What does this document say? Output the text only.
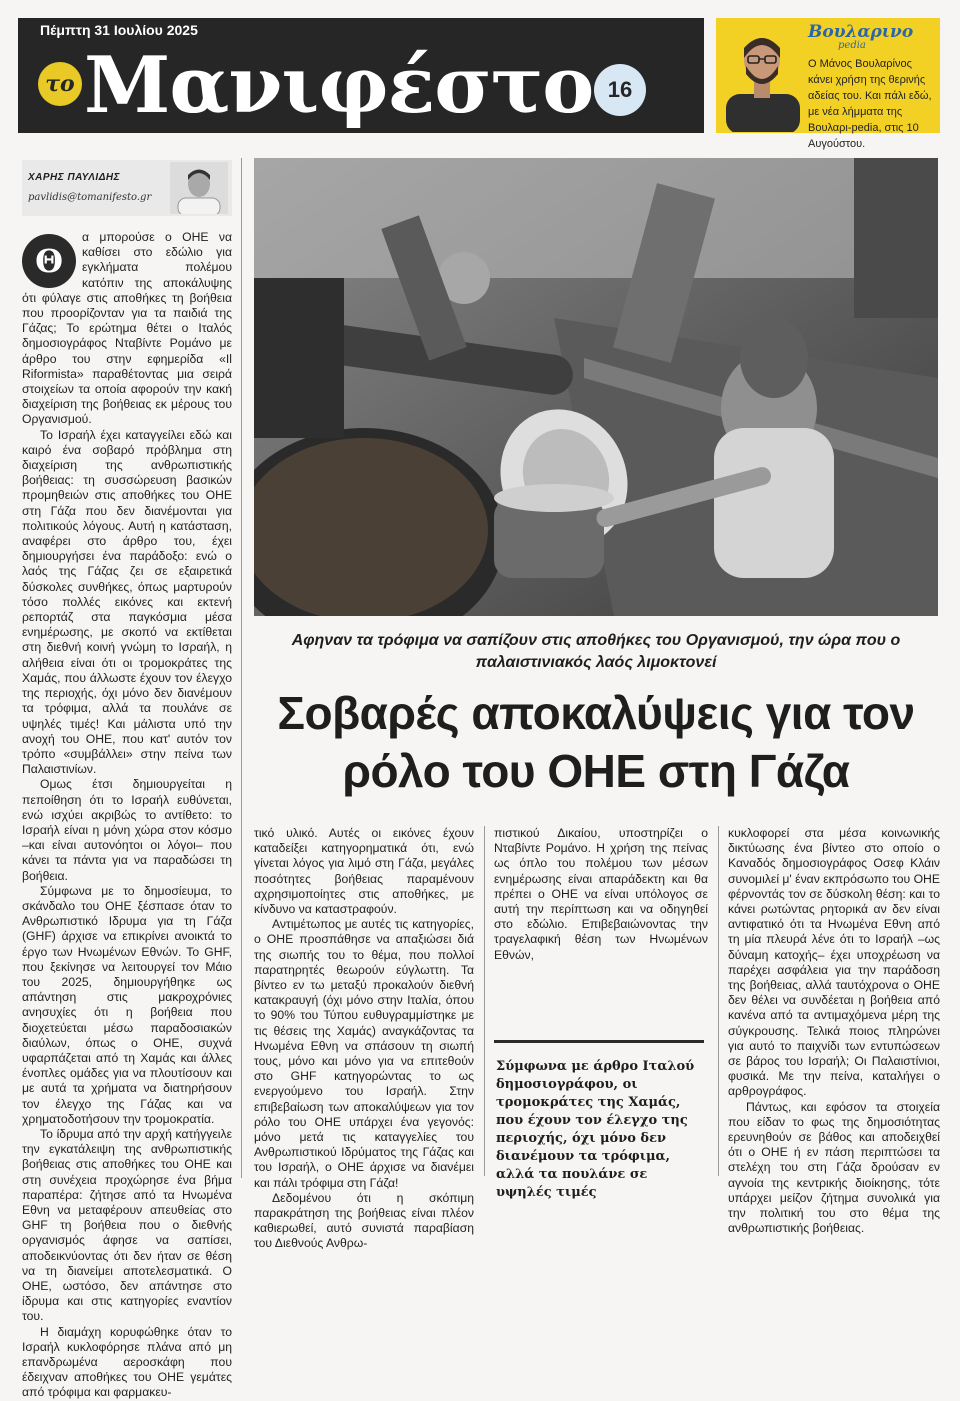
Πέμπτη 31 Ιουλίου 2025
το Μανιφέστο 16
Βουλαρινο
pedia
Ο Μάνος Βουλαρίνος κάνει χρήση της θερινής αδείας του. Και πάλι εδώ, με νέα λήμματα της Βουλαρι-pedia, στις 10 Αυγούστου.
ΧΑΡΗΣ ΠΑΥΛΙΔΗΣ
pavlidis@tomanifesto.gr
Θ

α μπορούσε ο ΟΗΕ να καθίσει στο εδώλιο για εγκλήματα πολέμου κατόπιν της αποκάλυψης ότι φύλαγε στις αποθήκες τη βοήθεια που προορίζονταν για τα παιδιά της Γάζας; Το ερώτημα θέτει ο Ιταλός δημοσιογράφος Νταβίντε Ρομάνο με άρθρο του στην εφημερίδα «Il Riformista» παραθέτοντας μια σειρά στοιχείων τα οποία αφορούν την κακή διαχείριση της βοήθειας εκ μέρους του Οργανισμού.

Το Ισραήλ έχει καταγγείλει εδώ και καιρό ένα σοβαρό πρόβλημα στη διαχείριση της ανθρωπιστικής βοήθειας: τη συσσώρευση βασικών προμηθειών στις αποθήκες του ΟΗΕ στη Γάζα που δεν διανέμονται για πολιτικούς λόγους. Αυτή η κατάσταση, αναφέρει στο άρθρο του, έχει δημιουργήσει ένα παράδοξο: ενώ ο λαός της Γάζας ζει σε εξαιρετικά δύσκολες συνθήκες, όπως μαρτυρούν τόσο πολλές εικόνες και εκτενή ρεπορτάζ στα παγκόσμια μέσα ενημέρωσης, με σκοπό να εκτίθεται στη διεθνή κοινή γνώμη το Ισραήλ, η αλήθεια είναι ότι οι τρομοκράτες της Χαμάς, που άλλωστε έχουν τον έλεγχο της περιοχής, όχι μόνο δεν διανέμουν τα τρόφιμα, αλλά τα πουλάνε σε υψηλές τιμές! Και μάλιστα υπό την ανοχή του ΟΗΕ, που κατ' αυτόν τον τρόπο «συμβάλλει» στην πείνα των Παλαιστινίων.

Ομως έτσι δημιουργείται η πεποίθηση ότι το Ισραήλ ευθύνεται, ενώ ισχύει ακριβώς το αντίθετο: το Ισραήλ είναι η μόνη χώρα στον κόσμο –και είναι αυτονόητοι οι λόγοι– που κάνει τα πάντα για να παραδώσει τη βοήθεια.

Σύμφωνα με το δημοσίευμα, το σκάνδαλο του ΟΗΕ ξέσπασε όταν το Ανθρωπιστικό Ιδρυμα για τη Γάζα (GHF) άρχισε να επικρίνει ανοικτά το έργο των Ηνωμένων Εθνών. Το GHF, που ξεκίνησε να λειτουργεί τον Μάιο του 2025, δημιουργήθηκε ως απάντηση στις μακροχρόνιες ανησυχίες ότι η βοήθεια που διοχετεύεται μέσω παραδοσιακών διαύλων, όπως ο ΟΗΕ, συχνά υφαρπάζεται από τη Χαμάς και άλλες ένοπλες ομάδες για να πλουτίσουν και με αυτά τα χρήματα να διατηρήσουν τον έλεγχο της Γάζας και να χρηματοδοτήσουν την τρομοκρατία.

Το ίδρυμα από την αρχή κατήγγειλε την εγκατάλειψη της ανθρωπιστικής βοήθειας στις αποθήκες του ΟΗΕ και στη συνέχεια προχώρησε ένα βήμα παραπέρα: ζήτησε από τα Ηνωμένα Εθνη να μεταφέρουν απευθείας στο GHF τη βοήθεια που ο διεθνής οργανισμός άφησε να σαπίσει, αποδεικνύοντας ότι δεν ήταν σε θέση να τη διανείμει αποτελεσματικά. Ο ΟΗΕ, ωστόσο, δεν απάντησε στο ίδρυμα και στις κατηγορίες εναντίον του.

Η διαμάχη κορυφώθηκε όταν το Ισραήλ κυκλοφόρησε πλάνα από μη επανδρωμένα αεροσκάφη που έδειχναν αποθήκες του ΟΗΕ γεμάτες από τρόφιμα και φαρμακευ-

Αφηναν τα τρόφιμα να σαπίζουν στις αποθήκες του Οργανισμού, την ώρα που ο παλαιστινιακός λαός λιμοκτονεί
Σοβαρές αποκαλύψεις για τον ρόλο του ΟΗΕ στη Γάζα

τικό υλικό. Αυτές οι εικόνες έχουν καταδείξει κατηγορηματικά ότι, ενώ γίνεται λόγος για λιμό στη Γάζα, μεγάλες ποσότητες βοήθειας παραμένουν αχρησιμοποίητες στις αποθήκες, με κίνδυνο να καταστραφούν.

Αντιμέτωπος με αυτές τις κατηγορίες, ο ΟΗΕ προσπάθησε να απαξιώσει διά της σιωπής του το θέμα, που πολλοί παρατηρητές θεωρούν εύγλωττη. Τα βίντεο εν τω μεταξύ προκαλούν διεθνή κατακραυγή (όχι μόνο στην Ιταλία, όπου το 90% του Τύπου ευθυγραμμίστηκε με τις θέσεις της Χαμάς) αναγκάζοντας τα Ηνωμένα Εθνη να σπάσουν τη σιωπή τους, μόνο και μόνο για να επιτεθούν στο GHF κατηγορώντας το ως ενεργούμενο του Ισραήλ. Στην επιβεβαίωση των αποκαλύψεων για τον ρόλο του ΟΗΕ υπάρχει ένα γεγονός: μόνο μετά τις καταγγελίες του Ανθρωπιστικού Ιδρύματος της Γάζας και του Ισραήλ, ο ΟΗΕ άρχισε να διανέμει και πάλι τρόφιμα στη Γάζα!

Δεδομένου ότι η σκόπιμη παρακράτηση της βοήθειας είναι πλέον καθιερωθεί, αυτό συνιστά παραβίαση του Διεθνούς Ανθρω-

πιστικού Δικαίου, υποστηρίζει ο Νταβίντε Ρομάνο. Η χρήση της πείνας ως όπλο του πολέμου των μέσων ενημέρωσης είναι απαράδεκτη και θα πρέπει ο ΟΗΕ να είναι υπόλογος σε αυτή την περίπτωση και να οδηγηθεί στο εδώλιο. Επιβεβαιώνοντας την τραγελαφική θέση των Ηνωμένων Εθνών,

Σύμφωνα με άρθρο Ιταλού δημοσιογράφου, οι τρομοκράτες της Χαμάς, που έχουν τον έλεγχο της περιοχής, όχι μόνο δεν διανέμουν τα τρόφιμα, αλλά τα πουλάνε σε υψηλές τιμές

κυκλοφορεί στα μέσα κοινωνικής δικτύωσης ένα βίντεο στο οποίο ο Καναδός δημοσιογράφος Οσεφ Κλάιν συνομιλεί μ' έναν εκπρόσωπο του ΟΗΕ φέρνοντάς τον σε δύσκολη θέση: και το κάνει ρωτώντας ρητορικά αν δεν είναι αντιφατικό ότι τα Ηνωμένα Εθνη από τη μία πλευρά λένε ότι το Ισραήλ –ως δύναμη κατοχής– έχει υποχρέωση να παρέχει ασφάλεια για την παράδοση της βοήθειας, αλλά ταυτόχρονα ο ΟΗΕ δεν θέλει να συνδέεται η βοήθεια από κανένα από τα αντιμαχόμενα μέρη της σύγκρουσης. Τελικά ποιος πληρώνει για αυτό το παιχνίδι των εντυπώσεων σε βάρος του Ισραήλ; Οι Παλαιστίνιοι, φυσικά. Με την πείνα, καταλήγει ο αρθρογράφος.

Πάντως, και εφόσον τα στοιχεία που είδαν το φως της δημοσιότητας ερευνηθούν σε βάθος και αποδειχθεί ότι ο ΟΗΕ ή εν πάση περιπτώσει τα στελέχη του στη Γάζα δρούσαν εν αγνοία της κεντρικής διοίκησης, τότε υπάρχει μείζον ζήτημα συνολικά για την πολιτική του στο θέμα της ανθρωπιστικής βοήθειας.
